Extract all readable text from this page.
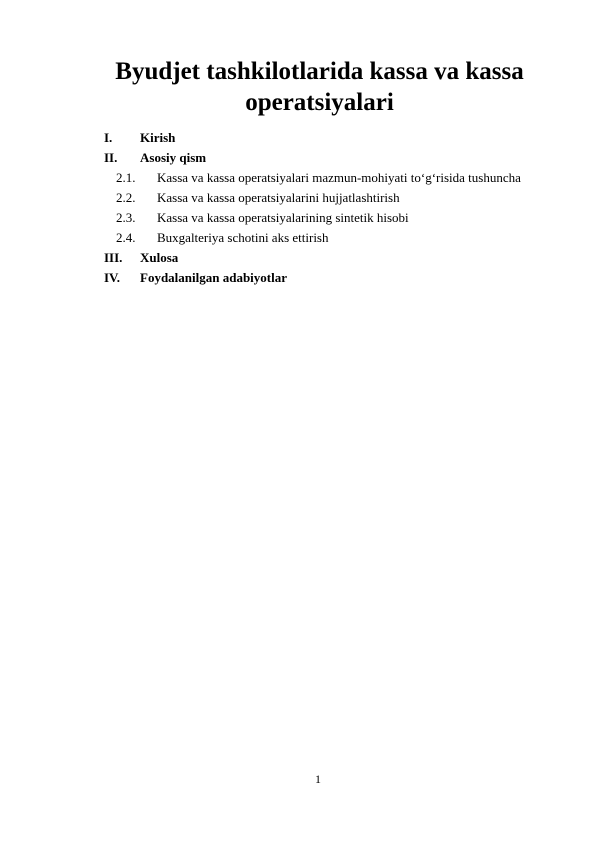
Byudjet tashkilotlarida kassa va kassa
operatsiyalari
I. Kirish
II. Asosiy qism
2.1. Kassa va kassa operatsiyalari mazmun-mohiyati to‘g‘risida tushuncha
2.2. Kassa va kassa operatsiyalarini hujjatlashtirish
2.3. Kassa va kassa operatsiyalarining sintetik hisobi
2.4. Buxgalteriya schotini aks ettirish
III. Xulosa
IV. Foydalanilgan adabiyotlar
1
